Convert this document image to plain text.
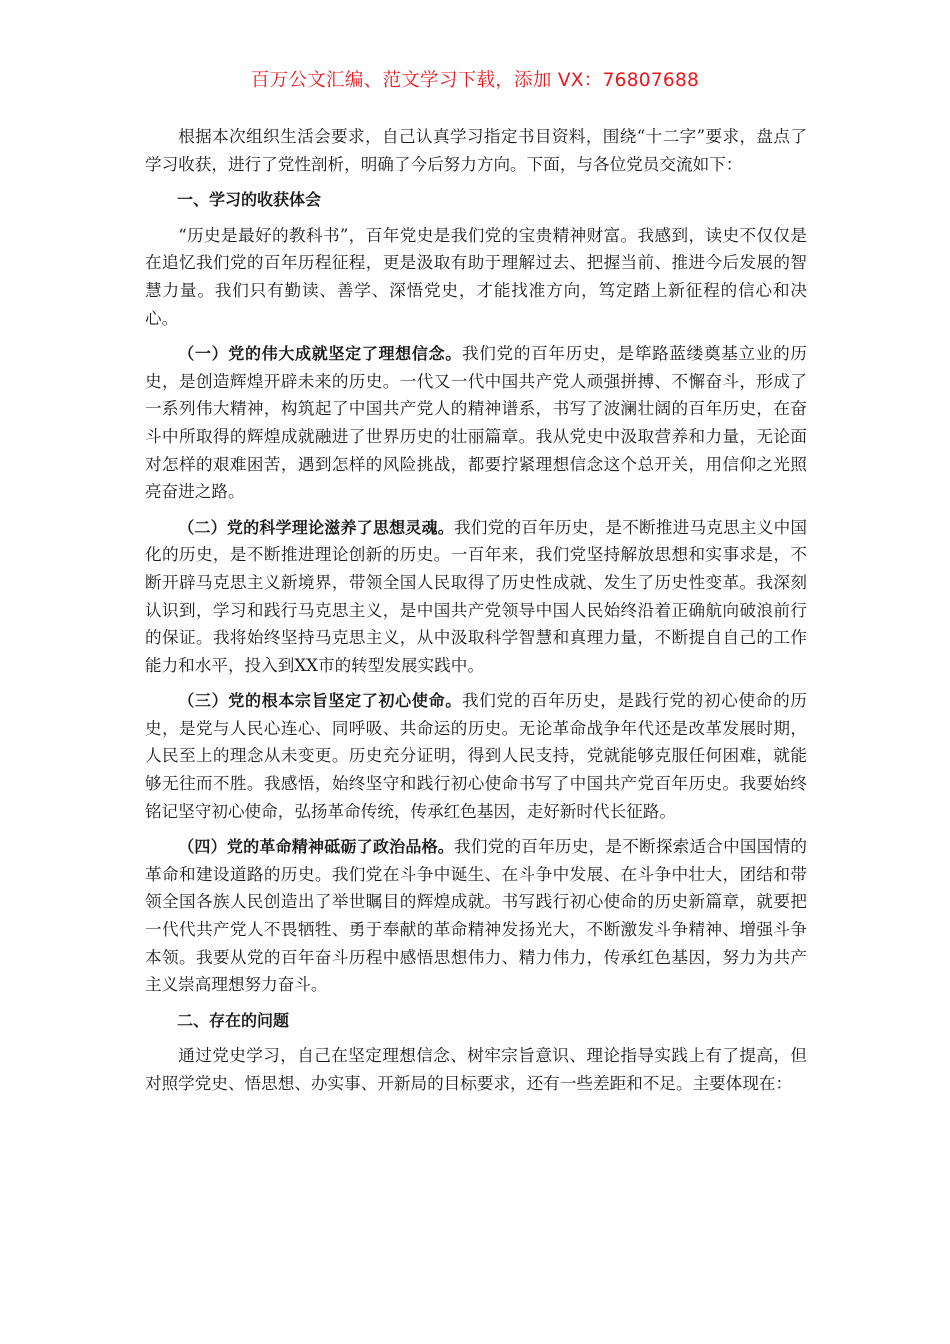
百万公文汇编、范文学习下载，添加 VX：76807688

根据本次组织生活会要求，自己认真学习指定书目资料，围绕“十二字”要求，盘点了学习收获，进行了党性剖析，明确了今后努力方向。下面，与各位党员交流如下：

一、学习的收获体会

“历史是最好的教科书”，百年党史是我们党的宝贵精神财富。我感到，读史不仅仅是在追忆我们党的百年历程征程，更是汲取有助于理解过去、把握当前、推进今后发展的智慧力量。我们只有勤读、善学、深悟党史，才能找准方向，笃定踏上新征程的信心和决心。

（一）党的伟大成就坚定了理想信念。我们党的百年历史，是筚路蓝缕奠基立业的历史，是创造辉煌开辟未来的历史。一代又一代中国共产党人顽强拼搏、不懈奋斗，形成了一系列伟大精神，构筑起了中国共产党人的精神谱系，书写了波澜壮阔的百年历史，在奋斗中所取得的辉煌成就融进了世界历史的壮丽篇章。我从党史中汲取营养和力量，无论面对怎样的艰难困苦，遇到怎样的风险挑战，都要拧紧理想信念这个总开关，用信仰之光照亮奋进之路。

（二）党的科学理论滋养了思想灵魂。我们党的百年历史，是不断推进马克思主义中国化的历史，是不断推进理论创新的历史。一百年来，我们党坚持解放思想和实事求是，不断开辟马克思主义新境界，带领全国人民取得了历史性成就、发生了历史性变革。我深刻认识到，学习和践行马克思主义，是中国共产党领导中国人民始终沿着正确航向破浪前行的保证。我将始终坚持马克思主义，从中汲取科学智慧和真理力量，不断提自自己的工作能力和水平，投入到XX市的转型发展实践中。

（三）党的根本宗旨坚定了初心使命。我们党的百年历史，是践行党的初心使命的历史，是党与人民心连心、同呼吸、共命运的历史。无论革命战争年代还是改革发展时期，人民至上的理念从未变更。历史充分证明，得到人民支持，党就能够克服任何困难，就能够无往而不胜。我感悟，始终坚守和践行初心使命书写了中国共产党百年历史。我要始终铭记坚守初心使命，弘扬革命传统，传承红色基因，走好新时代长征路。

（四）党的革命精神砥砺了政治品格。我们党的百年历史，是不断探索适合中国国情的革命和建设道路的历史。我们党在斗争中诞生、在斗争中发展、在斗争中壮大，团结和带领全国各族人民创造出了举世瞩目的辉煌成就。书写践行初心使命的历史新篇章，就要把一代代共产党人不畏牺牲、勇于奉献的革命精神发扬光大，不断激发斗争精神、增强斗争本领。我要从党的百年奋斗历程中感悟思想伟力、精力伟力，传承红色基因，努力为共产主义崇高理想努力奋斗。

二、存在的问题

通过党史学习，自己在坚定理想信念、树牢宗旨意识、理论指导实践上有了提高，但对照学党史、悟思想、办实事、开新局的目标要求，还有一些差距和不足。主要体现在：
